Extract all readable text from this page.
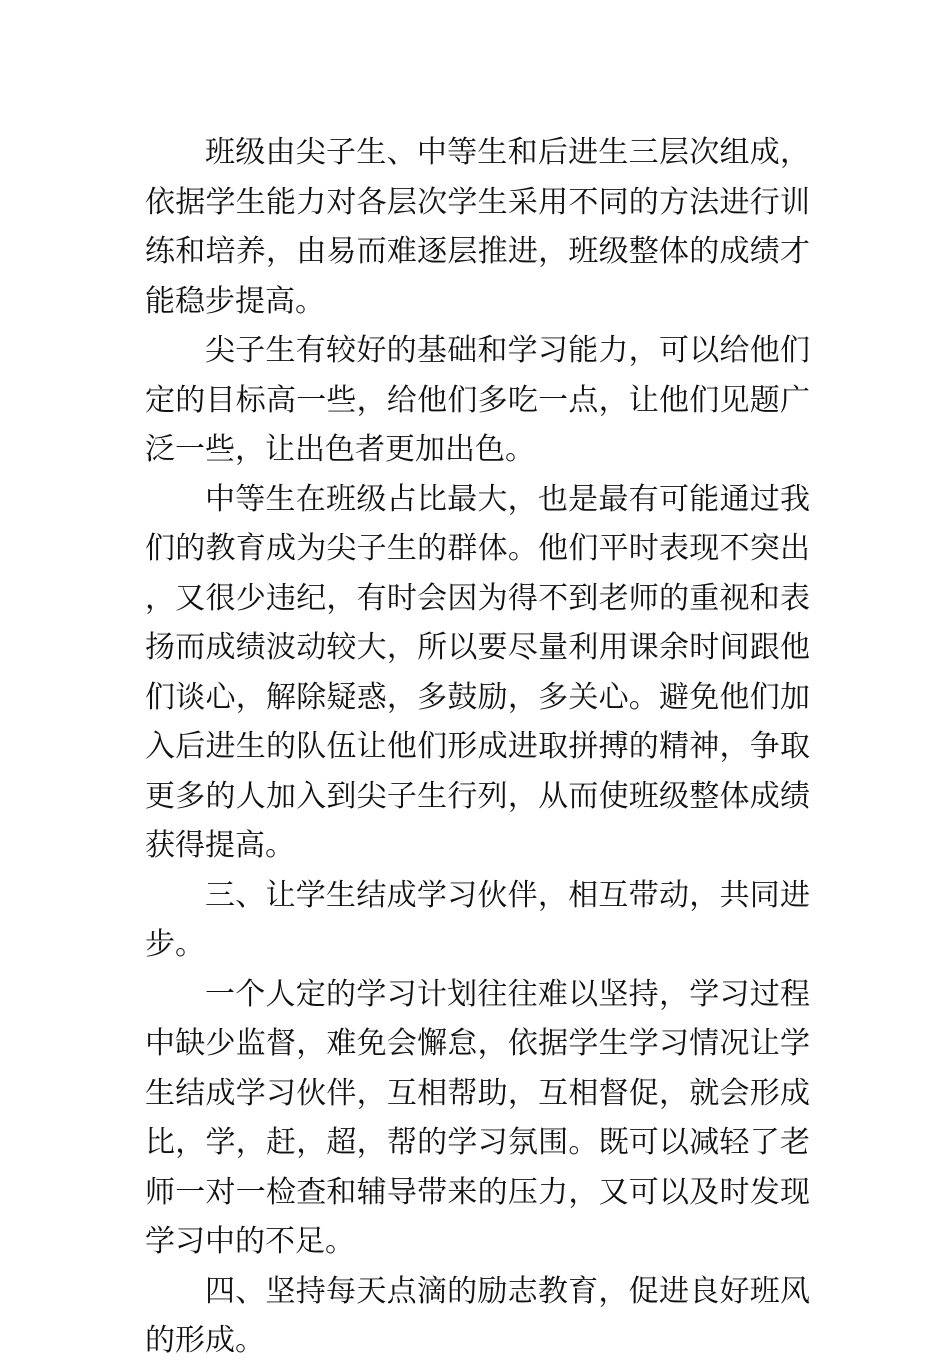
班级由尖子生、中等生和后进生三层次组成，依据学生能力对各层次学生采用不同的方法进行训练和培养，由易而难逐层推进，班级整体的成绩才能稳步提高。

尖子生有较好的基础和学习能力，可以给他们定的目标高一些，给他们多吃一点，让他们见题广泛一些，让出色者更加出色。

中等生在班级占比最大，也是最有可能通过我们的教育成为尖子生的群体。他们平时表现不突出，又很少违纪，有时会因为得不到老师的重视和表扬而成绩波动较大，所以要尽量利用课余时间跟他们谈心，解除疑惑，多鼓励，多关心。避免他们加入后进生的队伍让他们形成进取拼搏的精神，争取更多的人加入到尖子生行列，从而使班级整体成绩获得提高。

三、让学生结成学习伙伴，相互带动，共同进步。

一个人定的学习计划往往难以坚持，学习过程中缺少监督，难免会懈怠，依据学生学习情况让学生结成学习伙伴，互相帮助，互相督促，就会形成比，学，赶，超，帮的学习氛围。既可以减轻了老师一对一检查和辅导带来的压力，又可以及时发现学习中的不足。

四、坚持每天点滴的励志教育，促进良好班风的形成。
